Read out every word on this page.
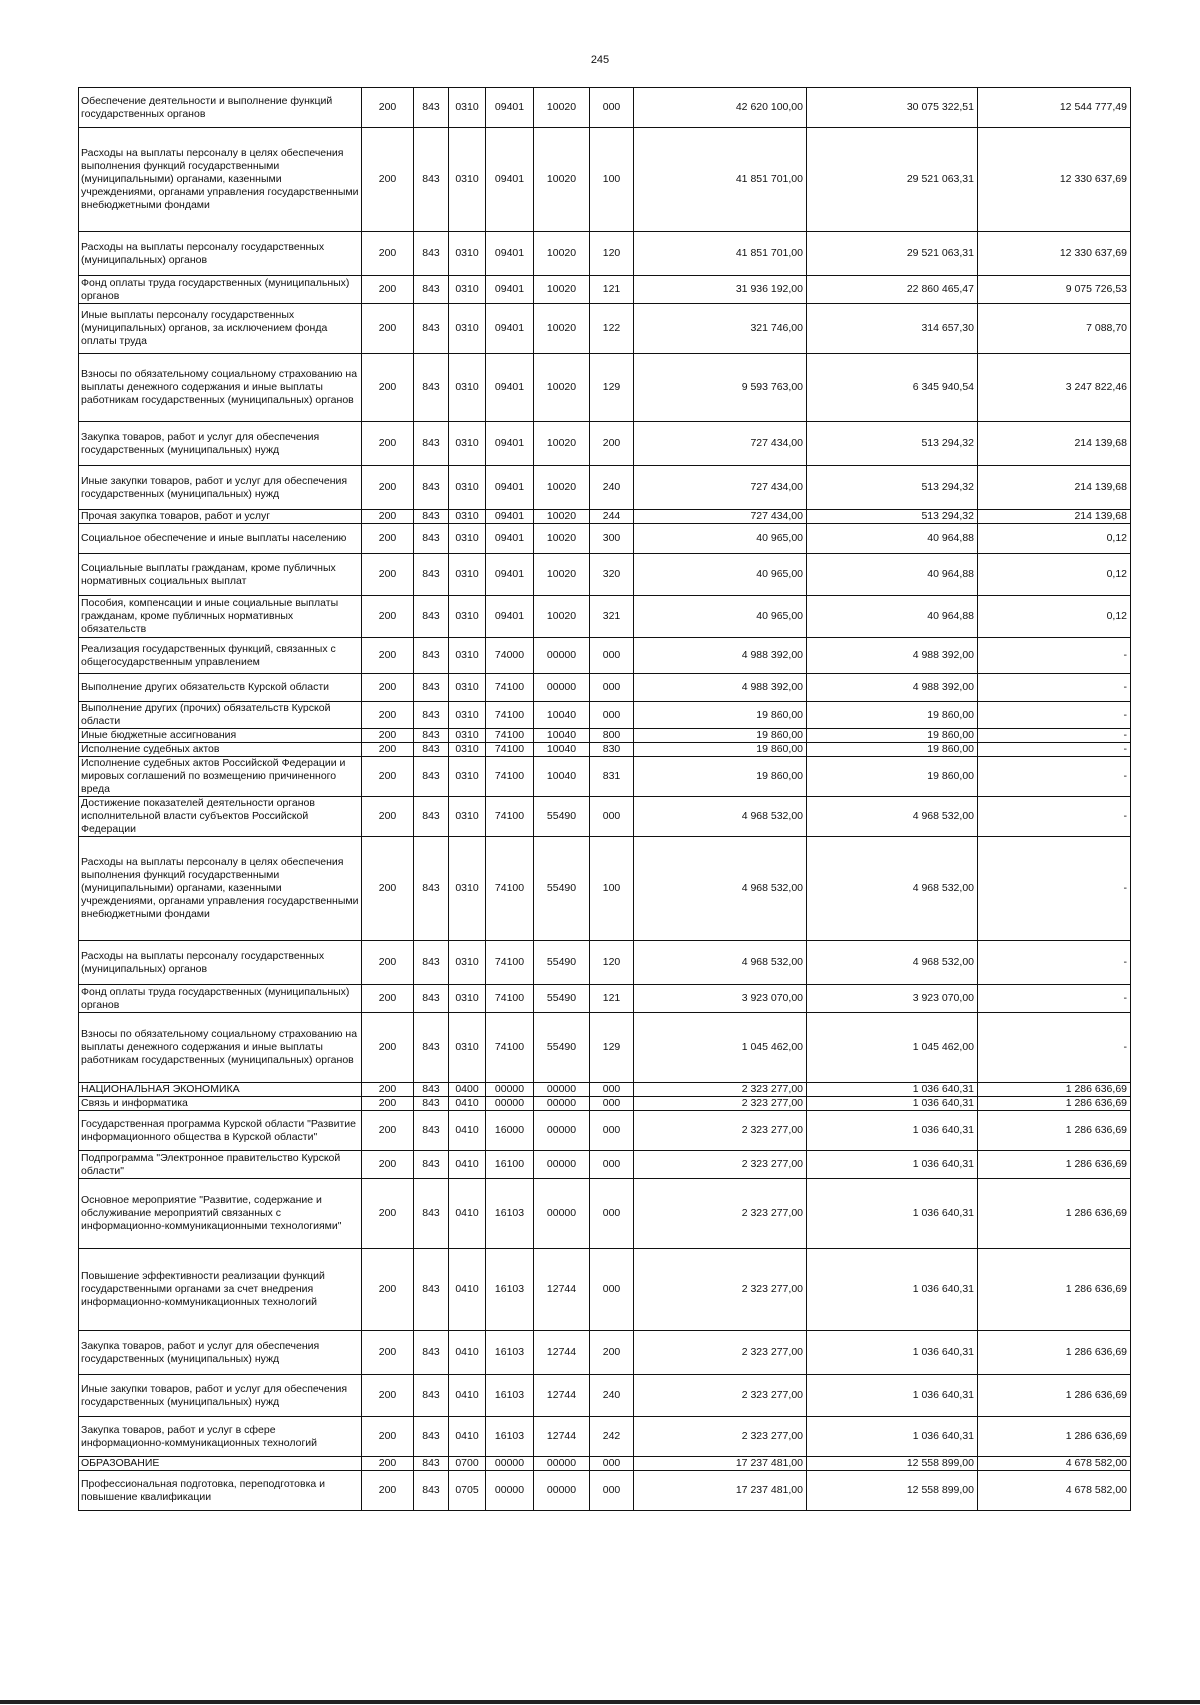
245
Обеспечение деятельности и выполнение функций государственных органов	200	843	0310	09401	10020	000	42 620 100,00	30 075 322,51	12 544 777,49
Расходы на выплаты персоналу в целях обеспечения выполнения функций государственными (муниципальными) органами, казенными учреждениями, органами управления государственными внебюджетными фондами	200	843	0310	09401	10020	100	41 851 701,00	29 521 063,31	12 330 637,69
Расходы на выплаты персоналу государственных (муниципальных) органов	200	843	0310	09401	10020	120	41 851 701,00	29 521 063,31	12 330 637,69
Фонд оплаты труда государственных (муниципальных) органов	200	843	0310	09401	10020	121	31 936 192,00	22 860 465,47	9 075 726,53
Иные выплаты персоналу государственных (муниципальных) органов, за исключением фонда оплаты труда	200	843	0310	09401	10020	122	321 746,00	314 657,30	7 088,70
Взносы по обязательному социальному страхованию на выплаты денежного содержания и иные выплаты работникам государственных (муниципальных) органов	200	843	0310	09401	10020	129	9 593 763,00	6 345 940,54	3 247 822,46
Закупка товаров, работ и услуг для обеспечения государственных (муниципальных) нужд	200	843	0310	09401	10020	200	727 434,00	513 294,32	214 139,68
Иные закупки товаров, работ и услуг для обеспечения государственных (муниципальных) нужд	200	843	0310	09401	10020	240	727 434,00	513 294,32	214 139,68
Прочая закупка товаров, работ и услуг	200	843	0310	09401	10020	244	727 434,00	513 294,32	214 139,68
Социальное обеспечение и иные выплаты населению	200	843	0310	09401	10020	300	40 965,00	40 964,88	0,12
Социальные выплаты гражданам, кроме публичных нормативных социальных выплат	200	843	0310	09401	10020	320	40 965,00	40 964,88	0,12
Пособия, компенсации и иные социальные выплаты гражданам, кроме публичных нормативных обязательств	200	843	0310	09401	10020	321	40 965,00	40 964,88	0,12
Реализация государственных функций, связанных с общегосударственным управлением	200	843	0310	74000	00000	000	4 988 392,00	4 988 392,00	-
Выполнение других обязательств Курской области	200	843	0310	74100	00000	000	4 988 392,00	4 988 392,00	-
Выполнение других (прочих) обязательств Курской области	200	843	0310	74100	10040	000	19 860,00	19 860,00	-
Иные бюджетные ассигнования	200	843	0310	74100	10040	800	19 860,00	19 860,00	-
Исполнение судебных актов	200	843	0310	74100	10040	830	19 860,00	19 860,00	-
Исполнение судебных актов Российской Федерации и мировых соглашений по возмещению причиненного вреда	200	843	0310	74100	10040	831	19 860,00	19 860,00	-
Достижение показателей деятельности органов исполнительной власти субъектов Российской Федерации	200	843	0310	74100	55490	000	4 968 532,00	4 968 532,00	-
Расходы на выплаты персоналу в целях обеспечения выполнения функций государственными (муниципальными) органами, казенными учреждениями, органами управления государственными внебюджетными фондами	200	843	0310	74100	55490	100	4 968 532,00	4 968 532,00	-
Расходы на выплаты персоналу государственных (муниципальных) органов	200	843	0310	74100	55490	120	4 968 532,00	4 968 532,00	-
Фонд оплаты труда государственных (муниципальных) органов	200	843	0310	74100	55490	121	3 923 070,00	3 923 070,00	-
Взносы по обязательному социальному страхованию на выплаты денежного содержания и иные выплаты работникам государственных (муниципальных) органов	200	843	0310	74100	55490	129	1 045 462,00	1 045 462,00	-
НАЦИОНАЛЬНАЯ ЭКОНОМИКА	200	843	0400	00000	00000	000	2 323 277,00	1 036 640,31	1 286 636,69
Связь и информатика	200	843	0410	00000	00000	000	2 323 277,00	1 036 640,31	1 286 636,69
Государственная программа Курской области "Развитие информационного общества в Курской области"	200	843	0410	16000	00000	000	2 323 277,00	1 036 640,31	1 286 636,69
Подпрограмма "Электронное правительство Курской области"	200	843	0410	16100	00000	000	2 323 277,00	1 036 640,31	1 286 636,69
Основное мероприятие "Развитие, содержание и обслуживание мероприятий связанных с информационно-коммуникационными технологиями"	200	843	0410	16103	00000	000	2 323 277,00	1 036 640,31	1 286 636,69
Повышение эффективности реализации функций государственными органами за счет внедрения информационно-коммуникационных технологий	200	843	0410	16103	12744	000	2 323 277,00	1 036 640,31	1 286 636,69
Закупка товаров, работ и услуг для обеспечения государственных (муниципальных) нужд	200	843	0410	16103	12744	200	2 323 277,00	1 036 640,31	1 286 636,69
Иные закупки товаров, работ и услуг для обеспечения государственных (муниципальных) нужд	200	843	0410	16103	12744	240	2 323 277,00	1 036 640,31	1 286 636,69
Закупка товаров, работ и услуг в сфере информационно-коммуникационных технологий	200	843	0410	16103	12744	242	2 323 277,00	1 036 640,31	1 286 636,69
ОБРАЗОВАНИЕ	200	843	0700	00000	00000	000	17 237 481,00	12 558 899,00	4 678 582,00
Профессиональная подготовка, переподготовка и повышение квалификации	200	843	0705	00000	00000	000	17 237 481,00	12 558 899,00	4 678 582,00
